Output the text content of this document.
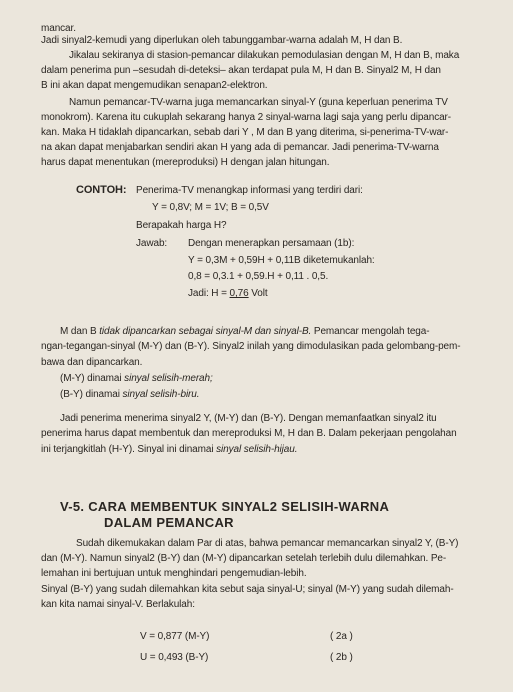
mancar.
Jadi sinyal2-kemudi yang diperlukan oleh tabunggambar-warna adalah M, H dan B.
Jikalau sekiranya di stasion-pemancar dilakukan pemodulasian dengan M, H dan B, maka
dalam penerima pun –sesudah di-deteksi– akan terdapat pula M, H dan B. Sinyal2 M, H dan
B ini akan dapat mengemudikan senapan2-elektron.
Namun pemancar-TV-warna juga memancarkan sinyal-Y (guna keperluan penerima TV
monokrom). Karena itu cukuplah sekarang hanya 2 sinyal-warna lagi saja yang perlu dipancar-
kan. Maka H tidaklah dipancarkan, sebab dari Y , M dan B yang diterima, si-penerima-TV-war-
na akan dapat menjabarkan sendiri akan H yang ada di pemancar. Jadi penerima-TV-warna
harus dapat menentukan (mereproduksi) H dengan jalan hitungan.
CONTOH: Penerima-TV menangkap informasi yang terdiri dari:
Y = 0,8V; M = 1V; B = 0,5V
Berapakah harga H?
Jawab: Dengan menerapkan persamaan (1b):
Y = 0,3M + 0,59H + 0,11B diketemukanlah:
0,8 = 0,3.1 + 0,59.H + 0,11 . 0,5.
Jadi: H = 0,76 Volt
M dan B tidak dipancarkan sebagai sinyal-M dan sinyal-B. Pemancar mengolah tega-
ngan-tegangan-sinyal (M-Y) dan (B-Y). Sinyal2 inilah yang dimodulasikan pada gelombang-pem-
bawa dan dipancarkan.
(M-Y) dinamai sinyal selisih-merah;
(B-Y) dinamai sinyal selisih-biru.
Jadi penerima menerima sinyal2 Y, (M-Y) dan (B-Y). Dengan memanfaatkan sinyal2 itu
penerima harus dapat membentuk dan mereproduksi M, H dan B. Dalam pekerjaan pengolahan
ini terjangkitlah (H-Y). Sinyal ini dinamai sinyal selisih-hijau.
V-5. CARA MEMBENTUK SINYAL2 SELISIH-WARNA
DALAM PEMANCAR
Sudah dikemukakan dalam Par di atas, bahwa pemancar memancarkan sinyal2 Y, (B-Y)
dan (M-Y). Namun sinyal2 (B-Y) dan (M-Y) dipancarkan setelah terlebih dulu dilemahkan. Pe-
lemahan ini bertujuan untuk menghindari pengemudian-lebih.
Sinyal (B-Y) yang sudah dilemahkan kita sebut saja sinyal-U; sinyal (M-Y) yang sudah dilemah-
kan kita namai sinyal-V. Berlakulah:
V = 0,877 (M-Y)	( 2a )
U = 0,493 (B-Y)	( 2b )
